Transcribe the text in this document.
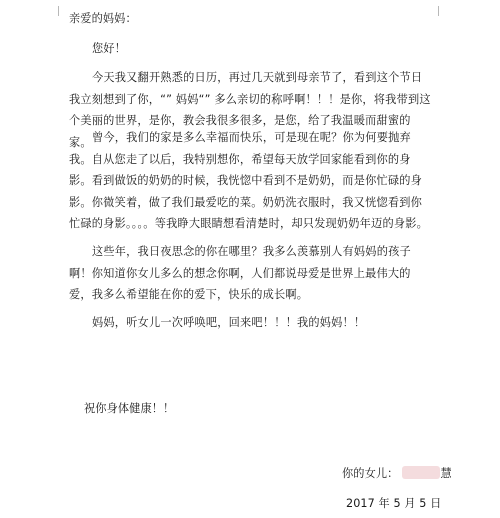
亲爱的妈妈：
您好！
今天我又翻开熟悉的日历，再过几天就到母亲节了，看到这个节日我立刻想到了你，“” 妈妈“” 多么亲切的称呼啊！！！是你，将我带到这个美丽的世界，是你，教会我很多很多，是您，给了我温暖而甜蜜的家。 曾今，我们的家是多么幸福而快乐，可是现在呢？你为何要抛弃我。自从您走了以后，我特别想你，希望每天放学回家能看到你的身影。看到做饭的奶奶的时候，我恍惚中看到不是奶奶，而是你忙碌的身影。你微笑着，做了我们最爱吃的菜。奶奶洗衣服时，我又恍惚看到你忙碌的身影。。。。等我睁大眼睛想看清楚时，却只发现奶奶年迈的身影。
这些年，我日夜思念的你在哪里？我多么羡慕别人有妈妈的孩子啊！你知道你女儿多么的想念你啊，人们都说母爱是世界上最伟大的爱，我多么希望能在你的爱下，快乐的成长啊。
妈妈，听女儿一次呼唤吧，回来吧！！！我的妈妈！！
祝你身体健康！！
你的女儿：	慧
2017 年 5 月 5 日
